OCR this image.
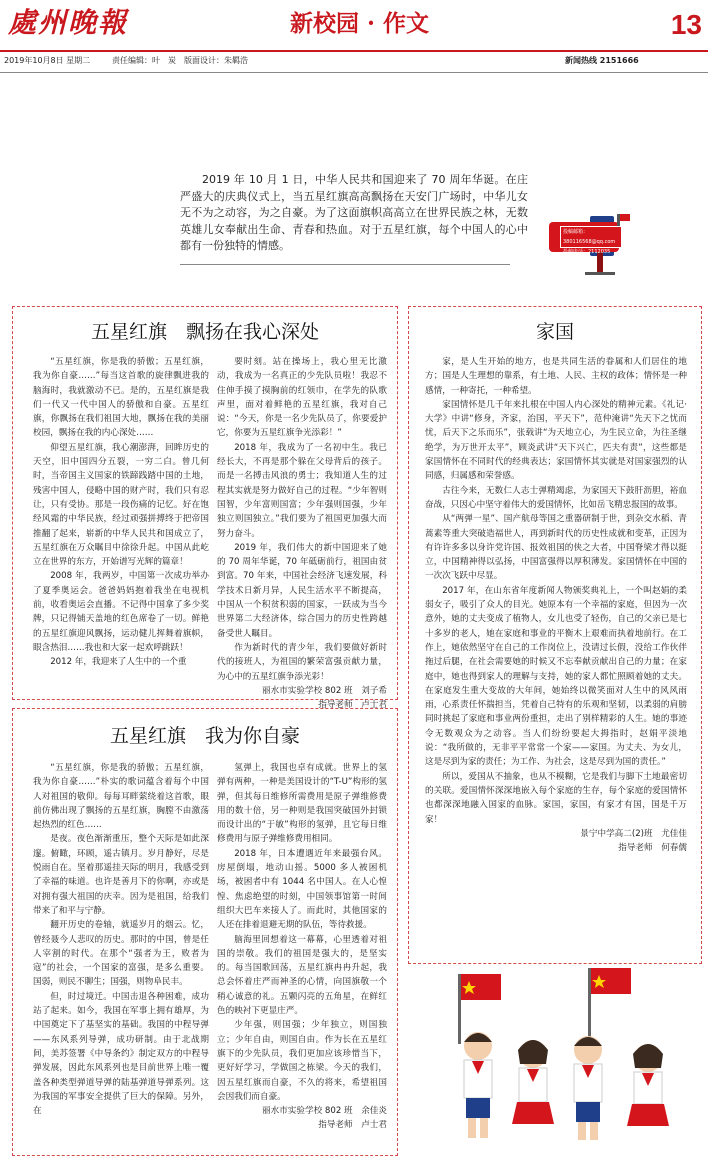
處州晚報	新校园 · 作文	13
2019年10月8日 星期二	责任编辑：叶　炭　版面设计：朱羁浩	新闻热线 2151666
2019 年 10 月 1 日，中华人民共和国迎来了 70 周年华诞。在庄严盛大的庆典仪式上，当五星红旗高高飘扬在天安门广场时，中华儿女无不为之动容，为之自豪。为了这面旗帜高高立在世界民族之林，无数英雄儿女奉献出生命、青春和热血。对于五星红旗，每个中国人的心中都有一份独特的情感。
投稿邮箱：380116568@qq.com　投稿电话：2112035
五星红旗　飘扬在我心深处

“五星红旗，你是我的骄傲；五星红旗，我为你自豪……”每当这首歌的旋律飘进我的脑海时，我就激动不已。是的，五星红旗是我们一代又一代中国人的骄傲和自豪。五星红旗，你飘扬在我们祖国大地，飘扬在我的美丽校园，飘扬在我的内心深处……

仰望五星红旗，我心潮澎湃，回眸历史的天空，旧中国四分五裂，一穷二白。曾几何时，当帝国主义国家的铁蹄践踏中国的土地，残害中国人，侵略中国的财产时，我们只有忍让，只有受协。那是一段伤痛的记忆。好在饱经风霜的中华民族，经过顽强拼搏终于把帝国推翻了起来，崭新的中华人民共和国成立了，五星红旗在万众瞩目中徐徐升起。中国从此屹立在世界的东方，开始谱写光辉的篇章！

2008 年，我两岁，中国第一次成功举办了夏季奥运会。爸爸妈妈抱着我坐在电视机前，收看奥运会直播。不记得中国拿了多少奖牌，只记得铺天盖地的红色席卷了一切。鲜艳的五星红旗迎风飘扬，运动健儿挥舞着旗帜，眼含热泪……我也和大家一起欢呼跳跃！

2012 年，我迎来了人生中的一个重

要时刻。站在操场上，我心里无比激动，我成为一名真正的少先队员啦！我忍不住伸手摸了摸胸前的红领巾，在学先的队歌声里，面对着鲜艳的五星红旗，我对自己说：“今天，你是一名少先队员了，你要爱护它，你要为五星红旗争光添彩！”

2018 年，我成为了一名初中生。我已经长大，不再是那个躲在父母背后的孩子。而是一名搏击风浪的勇士；我知道人生的过程其实就是努力做好自己的过程。“少年智则国智，少年富则国富；少年强则国强，少年独立则国独立。”我们要为了祖国更加强大而努力奋斗。

2019 年，我们伟大的新中国迎来了她的 70 周年华诞，70 年砥砺前行，祖国由贫到富。70 年来，中国社会经济飞速发展，科学技术日新月异，人民生活水平不断提高，中国从一个积贫积弱的国家，一跃成为当今世界第二大经济体，综合国力的历史性跨越备受世人瞩目。

作为新时代的青少年，我们要做好新时代的接班人，为祖国的繁荣富强贡献力量，为心中的五星红旗争添光彩！

丽水市实验学校 802 班　刘子希
指导老师　卢士君
五星红旗　我为你自豪

“五星红旗，你是我的骄傲；五星红旗，我为你自豪……”朴实的歌词蕴含着每个中国人对祖国的敬仰。每每耳畔萦绕着这首歌，眼前仿佛出现了飘扬的五星红旗，胸膛不由激荡起热烈的红色……

是夜。夜色渐渐重压，整个天际是如此深邃。俯瞰，环顾，遥古镇月。岁月静好，尽是悦雨自在。坚着那遥挂天际的明月，我感受到了幸福的味道。也许是善月下的你啊，亦或是对拥有强大祖国的庆幸。因为是祖国，给我们带来了和平与宁静。

翻开历史的卷轴，就遥岁月的烟云。忆，曾经聂今人悲叹的历史。那时的中国，曾是任人宰割的时代。在那个“强者为王，败者为寇”的社会，一个国家的富强，是多么重要。国弱，则民不聊生；国强，则物阜民丰。

但，时过境迁。中国击退各种困难，成功站了起来。如今，我国在军事上拥有雄厚，为中国奠定下了基坚实的基础。我国的中程导弹——东风系列导弹，成功研制。由于北战期间，美苏签署《中导条约》制定双方的中程导弹发展，因此东风系列也是目前世界上唯一覆盖各种类型弹道导弹的陆基弹道导弹系列。这为我国的军事安全提供了巨大的保障。另外，在

氢弹上，我国也卓有成就。世界上的氢弹有两种，一种是美国设计的“T-U”构形的氢弹，但其每日维修所需费用是原子弹维修费用的数十倍，另一种则是我国突破国外封锁而设计出的“于敏”构形的氢弹，且它每日维修费用与原子弹维修费用相同。

2018 年，日本遭遇近年来最强台风。房屋倒塌，地动山摇。5000 多人被困机场，被困者中有 1044 名中国人。在人心惶惶、焦虑绝望的时刻，中国领事馆第一时间组织大巴车来接人了。而此时，其他国家的人还在排着退避无期的队伍，等待救援。

脑海里回想着这一幕幕，心里透着对祖国的崇敬。我们的祖国是强大的，是坚实的。每当国歌回荡，五星红旗冉冉升起，我总会怀着庄严而神圣的心情，向国旗敬一个稍心诚意的礼。五颗闪亮的五角星，在鲜红色的映衬下更显庄严。

少年强，则国强；少年独立，则国独立；少年自由，则国自由。作为长在五星红旗下的少先队员，我们更加应该珍惜当下，更好好学习，学做国之栋梁。今天的我们，因五星红旗而自豪，不久的将来，希望祖国会因我们而自豪。

丽水市实验学校 802 班　余佳炎
指导老师　卢士君
家国

家，是人生开始的地方，也是共同生活的眷属和人们居住的地方；国是人生理想的靠系，有土地、人民、主权的政体；情怀是一种感情，一种寄托，一种希望。

家国情怀是几千年来扎根在中国人内心深处的精神元素。《礼记·大学》中讲“修身，齐家，治国，平天下”，范仲淹讲“先天下之忧而忧，后天下之乐而乐”，张载讲“为天地立心，为生民立命，为往圣继绝学，为万世开太平”，顾炎武讲“天下兴亡，匹夫有责”，这些都是家国情怀在不同时代的经典表达；家国情怀其实就是对国家强烈的认同感，归属感和荣誉感。

古往今来，无数仁人志士弹精竭虑，为家国天下鼓肝沥胆，裕血奋战，只因心中坚守着伟大的爱国情怀，比如岳飞精忠报国的故事。

从“两弹一星”、国产航母等国之重器研制于世，到杂交水稻、青蒿素等重大突破造福世人，再到新时代的历史性成就和变革，正因为有许许多多以身许党许国、报效祖国的侠之大者，中国脊梁才得以挺立，中国精神得以弘扬，中国富强得以厚积薄发。家国情怀在中国的一次次飞跃中尽显。

2017 年，在山东省年度新闻人物颁奖典礼上，一个叫赵娟的柔弱女子，吸引了众人的目光。她原本有一个幸福的家庭，但因为一次意外，她的丈夫变成了植物人，女儿也受了轻伤，自己的父亲已是七十多岁的老人，她在家庭和事业的平衡木上艰难而执着地前行。在工作上，她依然坚守在自己的工作岗位上，没请过长假，没给工作伙伴拖过后腿，在社会需要她的时候又不忘奉献贡献出自己的力量；在家庭中，她也得到家人的理解与支持，她的家人都忙照顾着她的丈夫。在家庭发生重大变故的大年间，她始终以微笑面对人生中的风风雨雨，心系责任怀揣担当，凭着自己特有的乐观和坚韧，以柔弱的肩膀同时挑起了家庭和事业两份重担，走出了别样精彩的人生。她的事迹令无数观众为之动容。当人们纷纷要起大拇指时，赵娟平淡地说：“我所做的，无非平平常常一个家——家国。为丈夫、为女儿，这是尽到为家的责任；为工作、为社会，这是尽到为国的责任。”

所以，爱国从不抽象，也从不模糊，它是我们与脚下土地最密切的关联。爱国情怀深深地嵌入每个家庭的生存，每个家庭的爱国情怀也都深深地融入国家的血脉。家国，家国，有家才有国，国是千万家！

景宁中学高二(2)班　尤佳佳
指导老师　何春儒
